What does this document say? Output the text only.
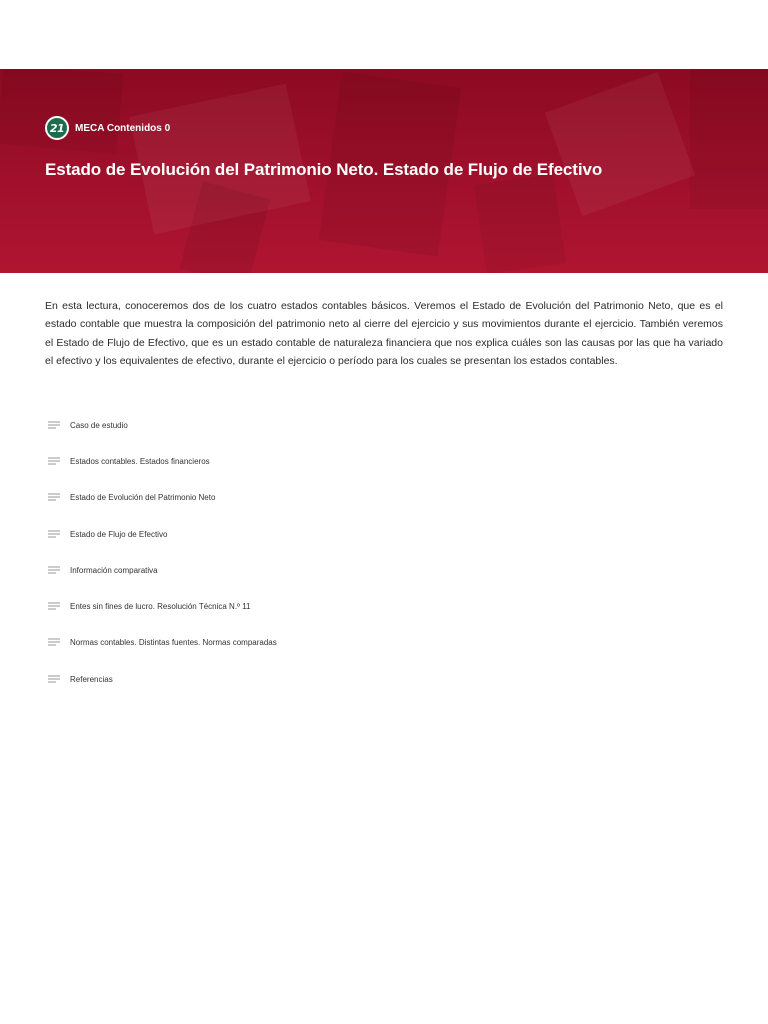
21	MECA Contenidos 0
Estado de Evolución del Patrimonio Neto. Estado de Flujo de Efectivo

En esta lectura, conoceremos dos de los cuatro estados contables básicos. Veremos el Estado de Evolución del Patrimonio Neto, que es el estado contable que muestra la composición del patrimonio neto al cierre del ejercicio y sus movimientos durante el ejercicio. También veremos el Estado de Flujo de Efectivo, que es un estado contable de naturaleza financiera que nos explica cuáles son las causas por las que ha variado el efectivo y los equivalentes de efectivo, durante el ejercicio o período para los cuales se presentan los estados contables.

Caso de estudio
Estados contables. Estados financieros
Estado de Evolución del Patrimonio Neto
Estado de Flujo de Efectivo
Información comparativa
Entes sin fines de lucro. Resolución Técnica N.º 11
Normas contables. Distintas fuentes. Normas comparadas
Referencias
